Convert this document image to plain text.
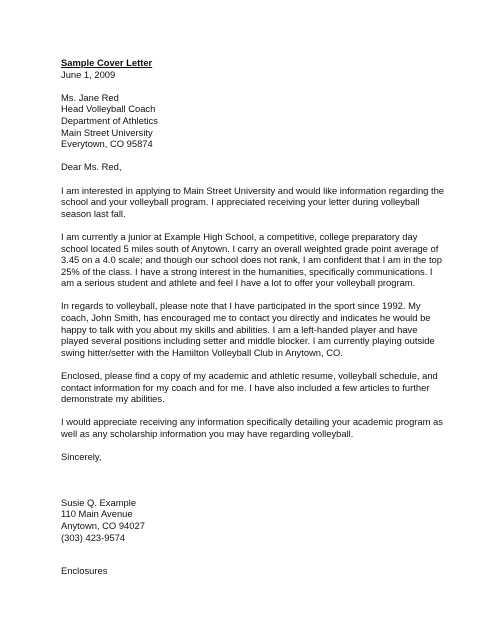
Sample Cover Letter
June 1, 2009
Ms. Jane Red
Head Volleyball Coach
Department of Athletics
Main Street University
Everytown, CO 95874
Dear Ms. Red,
I am interested in applying to Main Street University and would like information regarding the
school and your volleyball program. I appreciated receiving your letter during volleyball
season last fall.
I am currently a junior at Example High School, a competitive, college preparatory day
school located 5 miles south of Anytown. I carry an overall weighted grade point average of
3.45 on a 4.0 scale; and though our school does not rank, I am confident that I am in the top
25% of the class. I have a strong interest in the humanities, specifically communications. I
am a serious student and athlete and feel I have a lot to offer your volleyball program.
In regards to volleyball, please note that I have participated in the sport since 1992. My
coach, John Smith, has encouraged me to contact you directly and indicates he would be
happy to talk with you about my skills and abilities. I am a left-handed player and have
played several positions including setter and middle blocker. I am currently playing outside
swing hitter/setter with the Hamilton Volleyball Club in Anytown, CO.
Enclosed, please find a copy of my academic and athletic resume, volleyball schedule, and
contact information for my coach and for me. I have also included a few articles to further
demonstrate my abilities.
I would appreciate receiving any information specifically detailing your academic program as
well as any scholarship information you may have regarding volleyball.
Sincerely,
Susie Q. Example
110 Main Avenue
Anytown, CO 94027
(303) 423-9574
Enclosures
